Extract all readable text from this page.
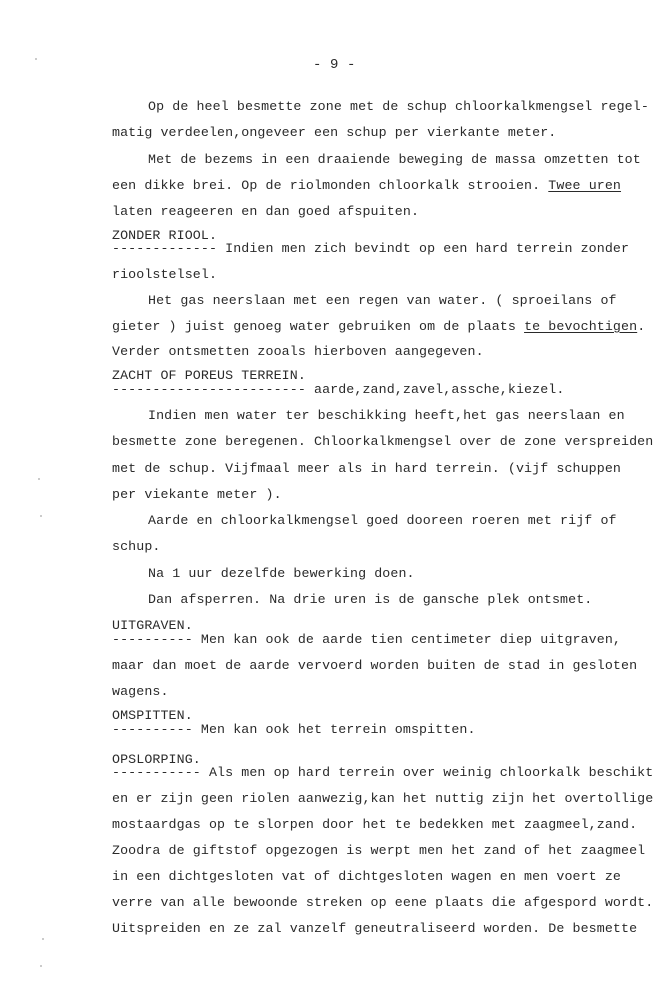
- 9 -
Op de heel besmette zone met de schup chloorkalkmengsel regel-
matig verdeelen,ongeveer een schup per vierkante meter.
Met de bezems in een draaiende beweging de massa omzetten tot
een dikke brei. Op de riolmonden chloorkalk strooien. Twee uren
laten reageeren en dan goed afspuiten.
ZONDER RIOOL.
------------- Indien men zich bevindt op een hard terrein zonder
rioolstelsel.
Het gas neerslaan met een regen van water. ( sproeilans of
gieter ) juist genoeg water gebruiken om de plaats te bevochtigen.
Verder ontsmetten zooals hierboven aangegeven.
ZACHT OF POREUS TERREIN.
------------------------ aarde,zand,zavel,assche,kiezel.
Indien men water ter beschikking heeft,het gas neerslaan en
besmette zone beregenen. Chloorkalkmengsel over de zone verspreiden
met de schup. Vijfmaal meer als in hard terrein. (vijf schuppen
per viekante meter ).
Aarde en chloorkalkmengsel goed dooreen roeren met rijf of
schup.
Na 1 uur dezelfde bewerking doen.
Dan afsperren. Na drie uren is de gansche plek ontsmet.
UITGRAVEN.
---------- Men kan ook de aarde tien centimeter diep uitgraven,
maar dan moet de aarde vervoerd worden buiten de stad in gesloten
wagens.
OMSPITTEN.
---------- Men kan ook het terrein omspitten.
OPSLORPING.
----------- Als men op hard terrein over weinig chloorkalk beschikt
en er zijn geen riolen aanwezig,kan het nuttig zijn het overtollige
mostaardgas op te slorpen door het te bedekken met zaagmeel,zand.
Zoodra de giftstof opgezogen is werpt men het zand of het zaagmeel
in een dichtgesloten vat of dichtgesloten wagen en men voert ze
verre van alle bewoonde streken op eene plaats die afgespord wordt.
Uitspreiden en ze zal vanzelf geneutraliseerd worden. De besmette
